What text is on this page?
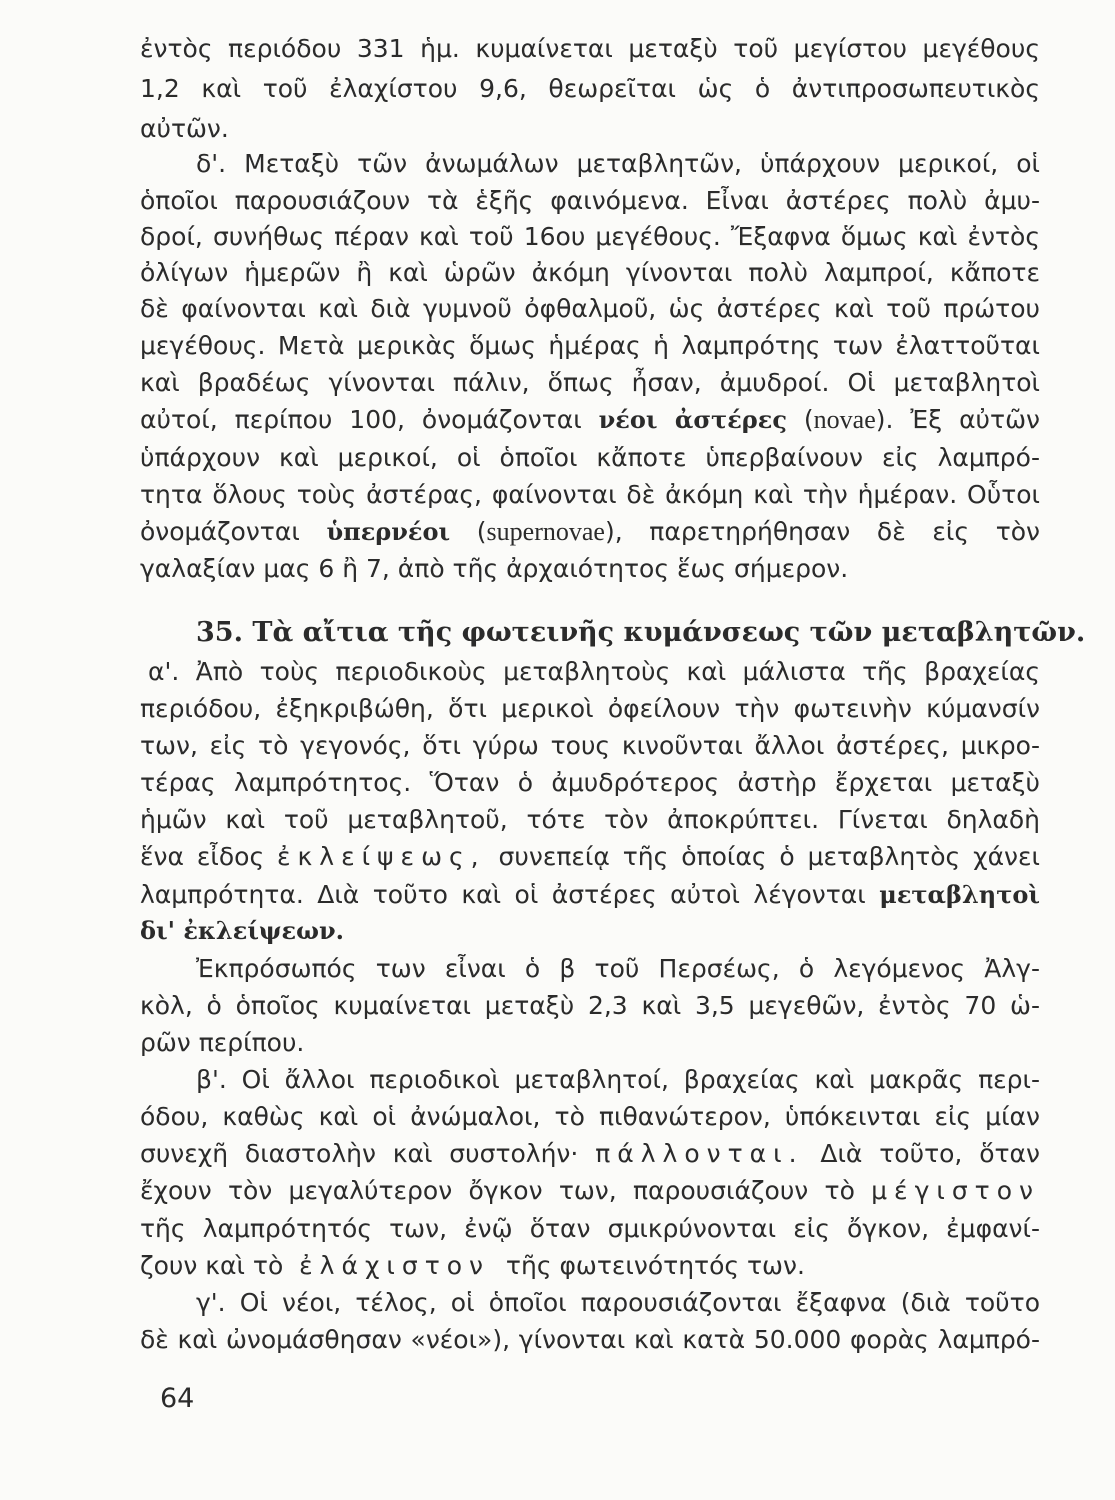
ἐντὸς περιόδου 331 ἡμ. κυμαίνεται μεταξὺ τοῦ μεγίστου μεγέθους

1,2 καὶ τοῦ ἐλαχίστου 9,6, θεωρεῖται ὡς ὁ ἀντιπροσωπευτικὸς

αὐτῶν.

δ'. Μεταξὺ τῶν ἀνωμάλων μεταβλητῶν, ὑπάρχουν μερικοί, οἱ

ὁποῖοι παρουσιάζουν τὰ ἑξῆς φαινόμενα. Εἶναι ἀστέρες πολὺ ἀμυ-

δροί, συνήθως πέραν καὶ τοῦ 16ου μεγέθους. Ἔξαφνα ὅμως καὶ ἐντὸς

ὀλίγων ἡμερῶν ἢ καὶ ὡρῶν ἀκόμη γίνονται πολὺ λαμπροί, κἄποτε

δὲ φαίνονται καὶ διὰ γυμνοῦ ὀφθαλμοῦ, ὡς ἀστέρες καὶ τοῦ πρώτου

μεγέθους. Μετὰ μερικὰς ὅμως ἡμέρας ἡ λαμπρότης των ἐλαττοῦται

καὶ βραδέως γίνονται πάλιν, ὅπως ἦσαν, ἀμυδροί. Οἱ μεταβλητοὶ

αὐτοί, περίπου 100, ὀνομάζονται νέοι ἀστέρες (novae). Ἐξ αὐτῶν

ὑπάρχουν καὶ μερικοί, οἱ ὁποῖοι κἄποτε ὑπερβαίνουν εἰς λαμπρό-

τητα ὅλους τοὺς ἀστέρας, φαίνονται δὲ ἀκόμη καὶ τὴν ἡμέραν. Οὗτοι

ὀνομάζονται ὑπερνέοι (supernovae), παρετηρήθησαν δὲ εἰς τὸν

γαλαξίαν μας 6 ἢ 7, ἀπὸ τῆς ἀρχαιότητος ἕως σήμερον.

35. Τὰ αἴτια τῆς φωτεινῆς κυμάνσεως τῶν μεταβλητῶν.

α'. Ἀπὸ τοὺς περιοδικοὺς μεταβλητοὺς καὶ μάλιστα τῆς βραχείας

περιόδου, ἐξηκριβώθη, ὅτι μερικοὶ ὀφείλουν τὴν φωτεινὴν κύμανσίν

των, εἰς τὸ γεγονός, ὅτι γύρω τους κινοῦνται ἄλλοι ἀστέρες, μικρο-

τέρας λαμπρότητος. Ὅταν ὁ ἀμυδρότερος ἀστὴρ ἔρχεται μεταξὺ

ἡμῶν καὶ τοῦ μεταβλητοῦ, τότε τὸν ἀποκρύπτει. Γίνεται δηλαδὴ

ἕνα εἶδος ἐκλείψεως, συνεπείᾳ τῆς ὁποίας ὁ μεταβλητὸς χάνει

λαμπρότητα. Διὰ τοῦτο καὶ οἱ ἀστέρες αὐτοὶ λέγονται μεταβλητοὶ

δι' ἐκλείψεων.

Ἐκπρόσωπός των εἶναι ὁ β τοῦ Περσέως, ὁ λεγόμενος Ἀλγ-

κὸλ, ὁ ὁποῖος κυμαίνεται μεταξὺ 2,3 καὶ 3,5 μεγεθῶν, ἐντὸς 70 ὡ-

ρῶν περίπου.

β'. Οἱ ἄλλοι περιοδικοὶ μεταβλητοί, βραχείας καὶ μακρᾶς περι-

όδου, καθὼς καὶ οἱ ἀνώμαλοι, τὸ πιθανώτερον, ὑπόκεινται εἰς μίαν

συνεχῆ διαστολὴν καὶ συστολήν· πάλλονται. Διὰ τοῦτο, ὅταν

ἔχουν τὸν μεγαλύτερον ὄγκον των, παρουσιάζουν τὸ μέγιστον

τῆς λαμπρότητός των, ἐνῷ ὅταν σμικρύνονται εἰς ὄγκον, ἐμφανί-

ζουν καὶ τὸ ἐλάχιστον τῆς φωτεινότητός των.

γ'. Οἱ νέοι, τέλος, οἱ ὁποῖοι παρουσιάζονται ἔξαφνα (διὰ τοῦτο

δὲ καὶ ὠνομάσθησαν «νέοι»), γίνονται καὶ κατὰ 50.000 φορὰς λαμπρό-

64
